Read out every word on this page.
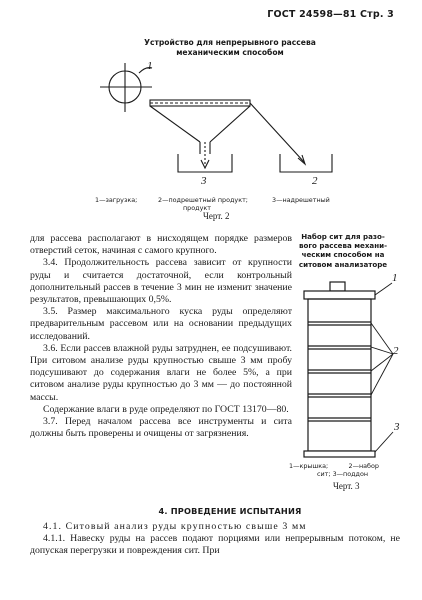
ГОСТ 24598—81 Стр. 3
Устройство для непрерывного рассева
механическим способом
1
3	2
1—загрузка;	2—подрешетный продукт;
продукт
3—надрешетный
Черт. 2
Набор сит для разо-
вого рассева механи-
ческим способом на
ситовом анализаторе
1
2
3
1—крышка;          2—набор
сит; 3—поддон
Черт. 3

для рассева располагают в нисходящем порядке размеров отверстий сеток, начиная с самого крупного.

3.4. Продолжительность рассева зависит от крупности руды и считается достаточной, если контрольный дополнительный рассев в течение 3 мин не изменит значение результатов, превышающих 0,5%.

3.5. Размер максимального куска руды определяют предварительным рассевом или на основании предыдущих исследований.

3.6. Если рассев влажной руды затруднен, ее подсушивают. При ситовом анализе руды крупностью свыше 3 мм пробу подсушивают до содержания влаги не более 5%, а при ситовом анализе руды крупностью до 3 мм — до постоянной массы.

Содержание влаги в руде определяют по ГОСТ 13170—80.

3.7. Перед началом рассева все инструменты и сита должны быть проверены и очищены от загрязнения.

4. ПРОВЕДЕНИЕ ИСПЫТАНИЯ

4.1. Ситовый анализ руды крупностью свыше 3 мм

4.1.1. Навеску руды на рассев подают порциями или непрерывным потоком, не допуская перегрузки и повреждения сит. При
